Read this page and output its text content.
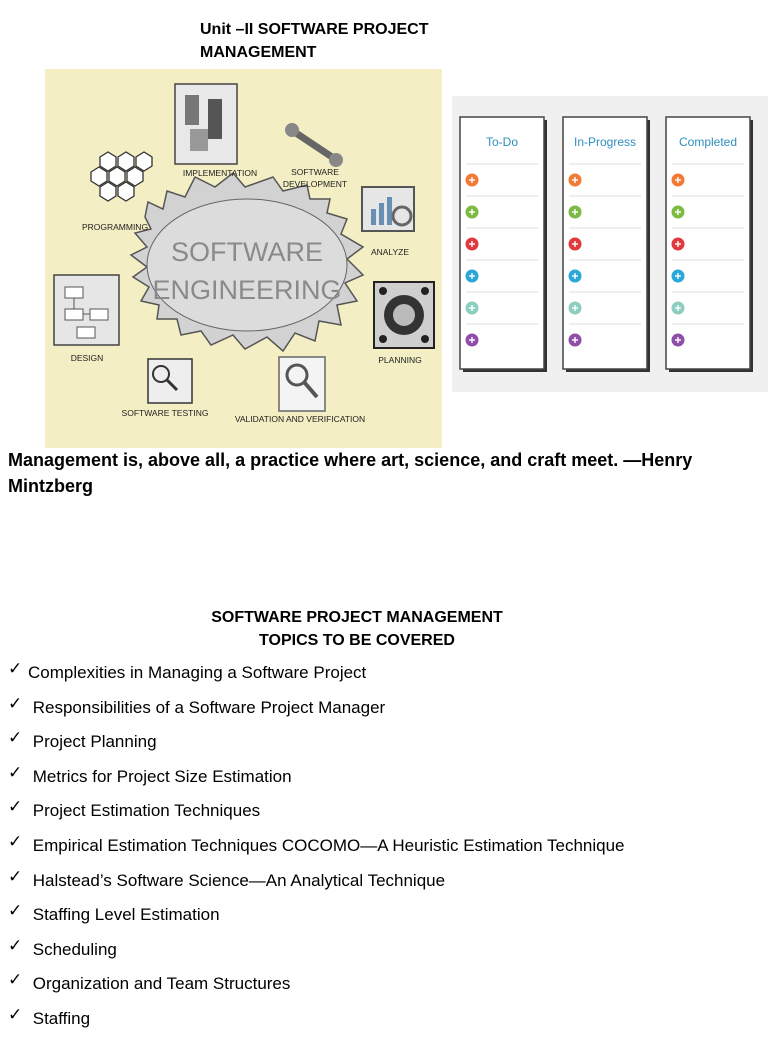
Unit –II SOFTWARE PROJECT MANAGEMENT
SOFTWARE
ENGINEERING
IMPLEMENTATION	SOFTWARE
DEVELOPMENT
PROGRAMMING
ANALYZE
DESIGN	PLANNING
SOFTWARE TESTING
VALIDATION AND VERIFICATION
To-Do	In-Progress	Completed
Management is, above all, a practice where art, science, and craft meet. —Henry Mintzberg
SOFTWARE PROJECT MANAGEMENT
TOPICS TO BE COVERED
✓ Complexities in Managing a Software Project
✓ Responsibilities of a Software Project Manager
✓ Project Planning
✓ Metrics for Project Size Estimation
✓ Project Estimation Techniques
✓ Empirical Estimation Techniques COCOMO—A Heuristic Estimation Technique
✓ Halstead’s Software Science—An Analytical Technique
✓ Staffing Level Estimation
✓ Scheduling
✓ Organization and Team Structures
✓ Staffing
